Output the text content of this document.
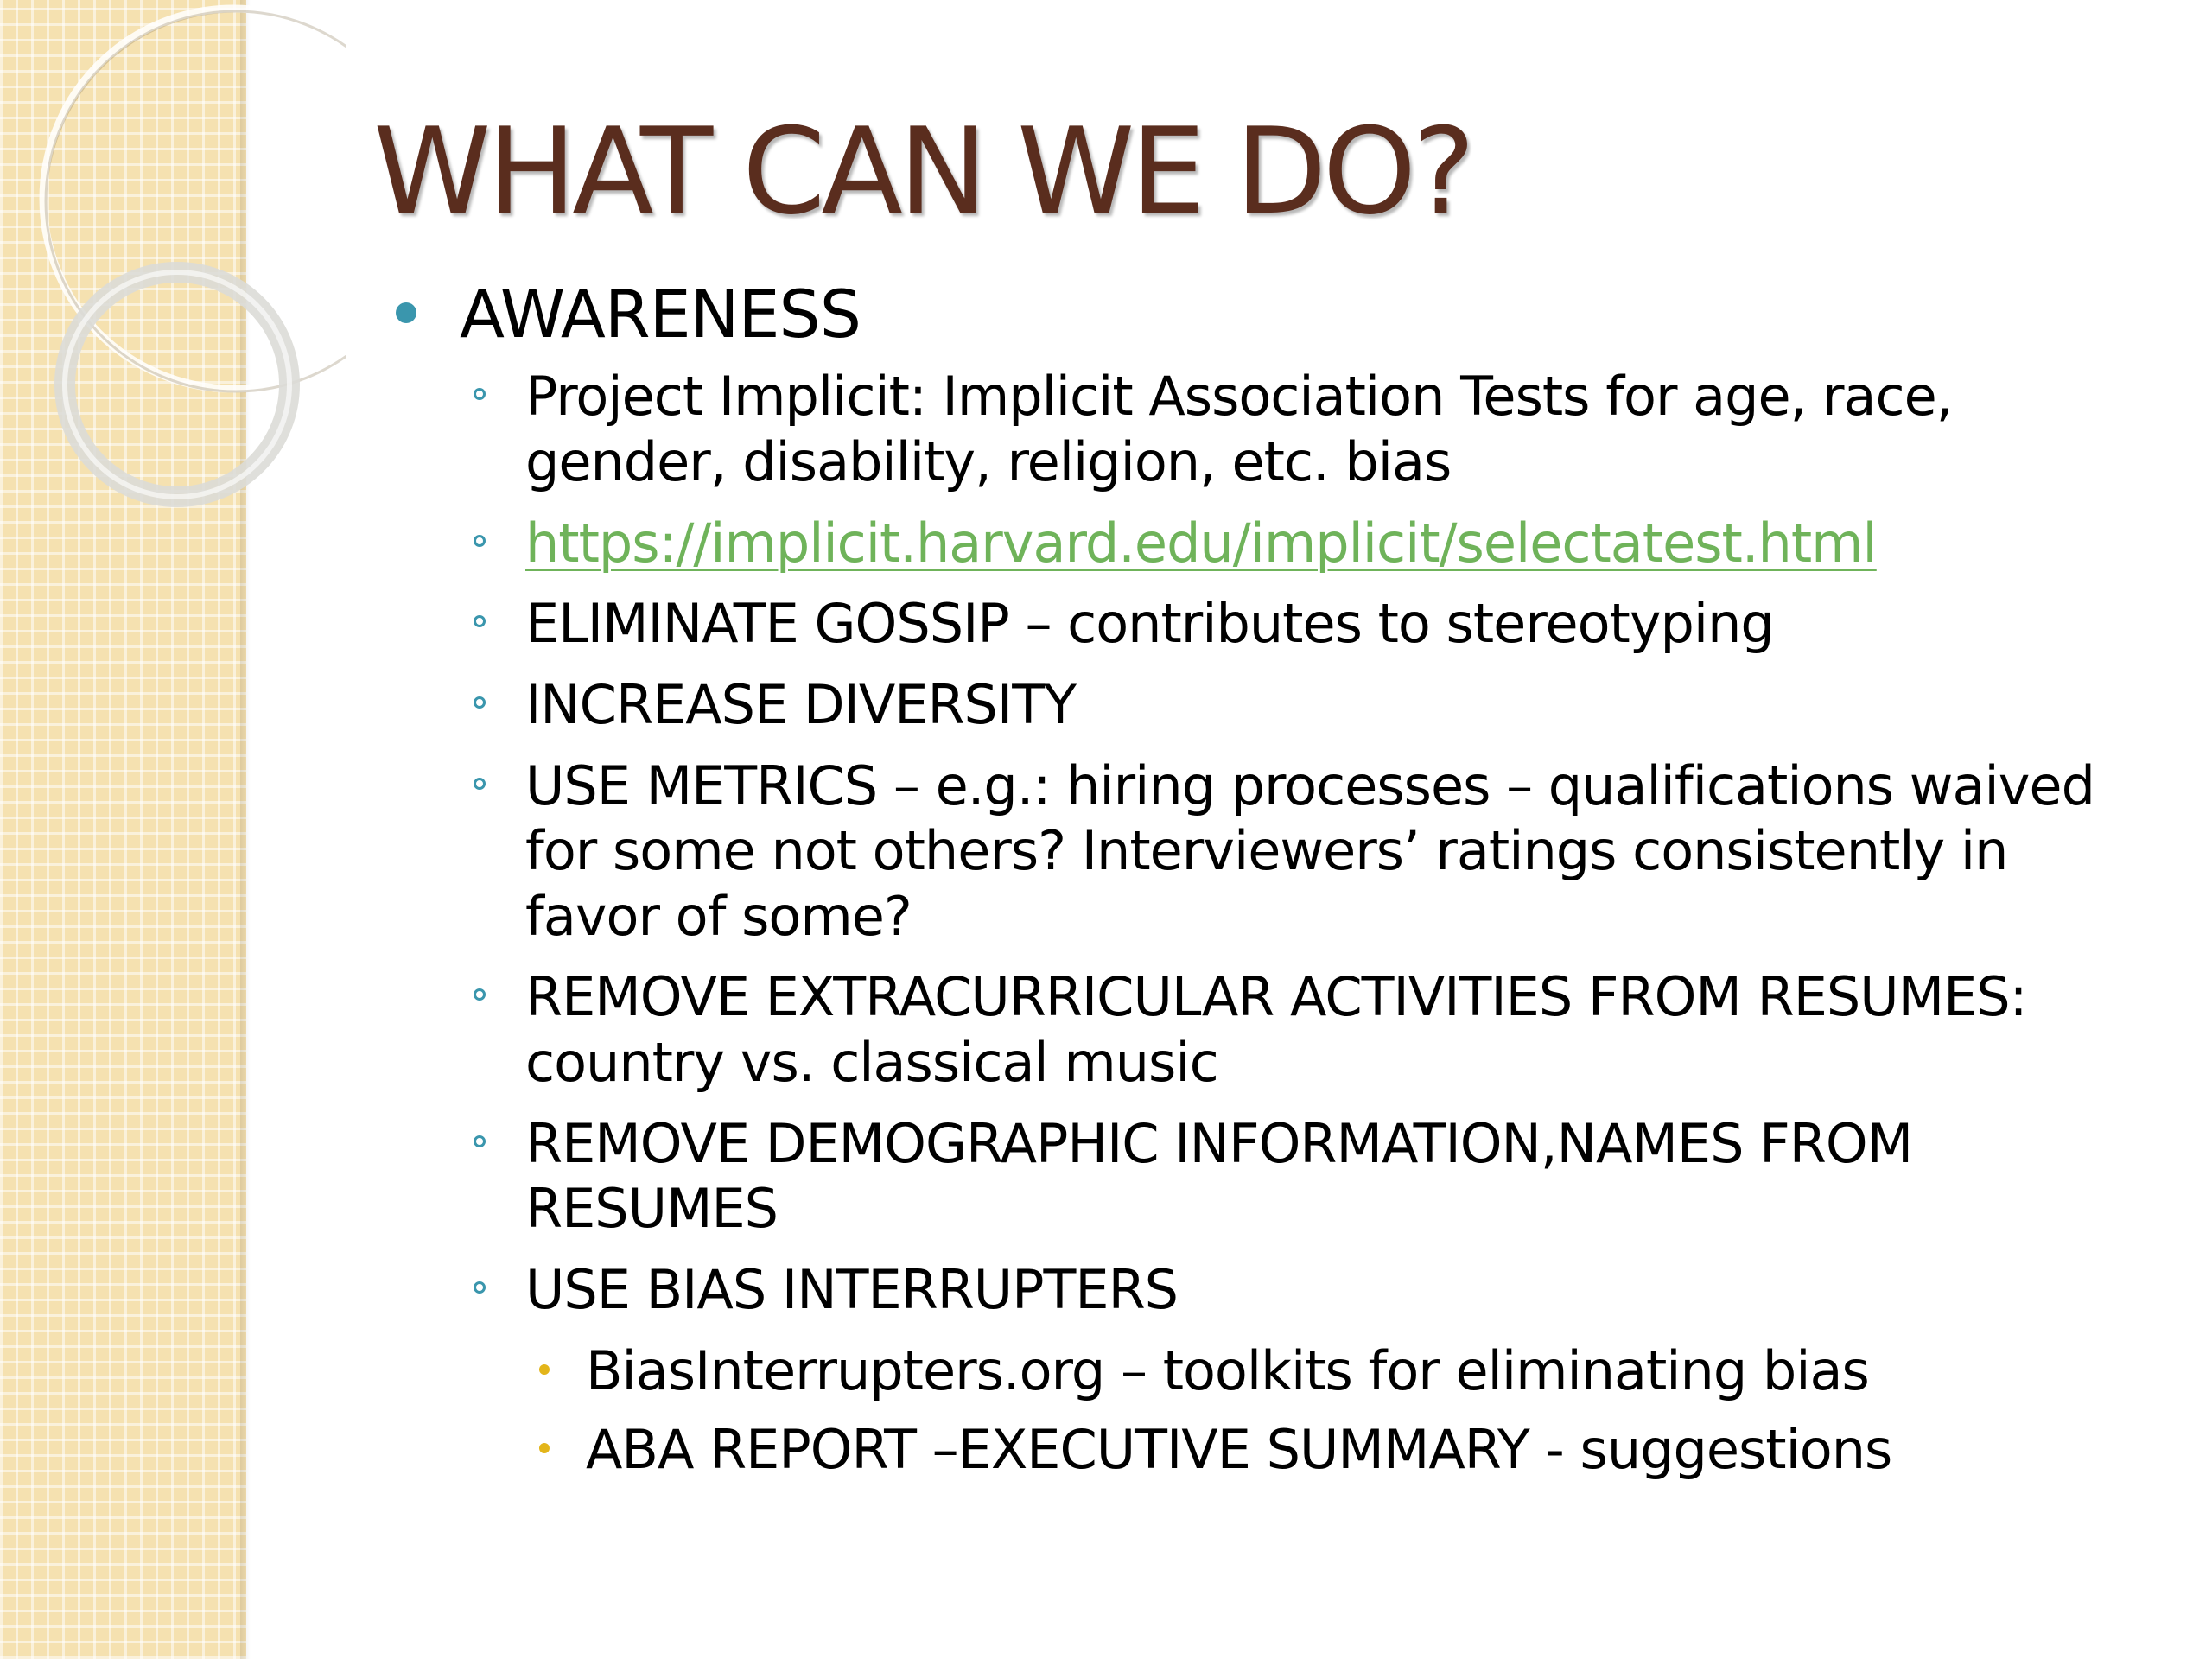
WHAT CAN WE DO?
AWARENESS
Project Implicit: Implicit Association Tests for age, race, gender, disability, religion, etc. bias
https://implicit.harvard.edu/implicit/selectatest.html
ELIMINATE GOSSIP – contributes to stereotyping
INCREASE DIVERSITY
USE METRICS – e.g.: hiring processes – qualifications waived for some not others? Interviewers’ ratings consistently in favor of some?
REMOVE EXTRACURRICULAR ACTIVITIES FROM RESUMES: country vs. classical music
REMOVE DEMOGRAPHIC INFORMATION,NAMES FROM RESUMES
USE BIAS INTERRUPTERS
BiasInterrupters.org – toolkits for eliminating bias
ABA REPORT –EXECUTIVE SUMMARY - suggestions
